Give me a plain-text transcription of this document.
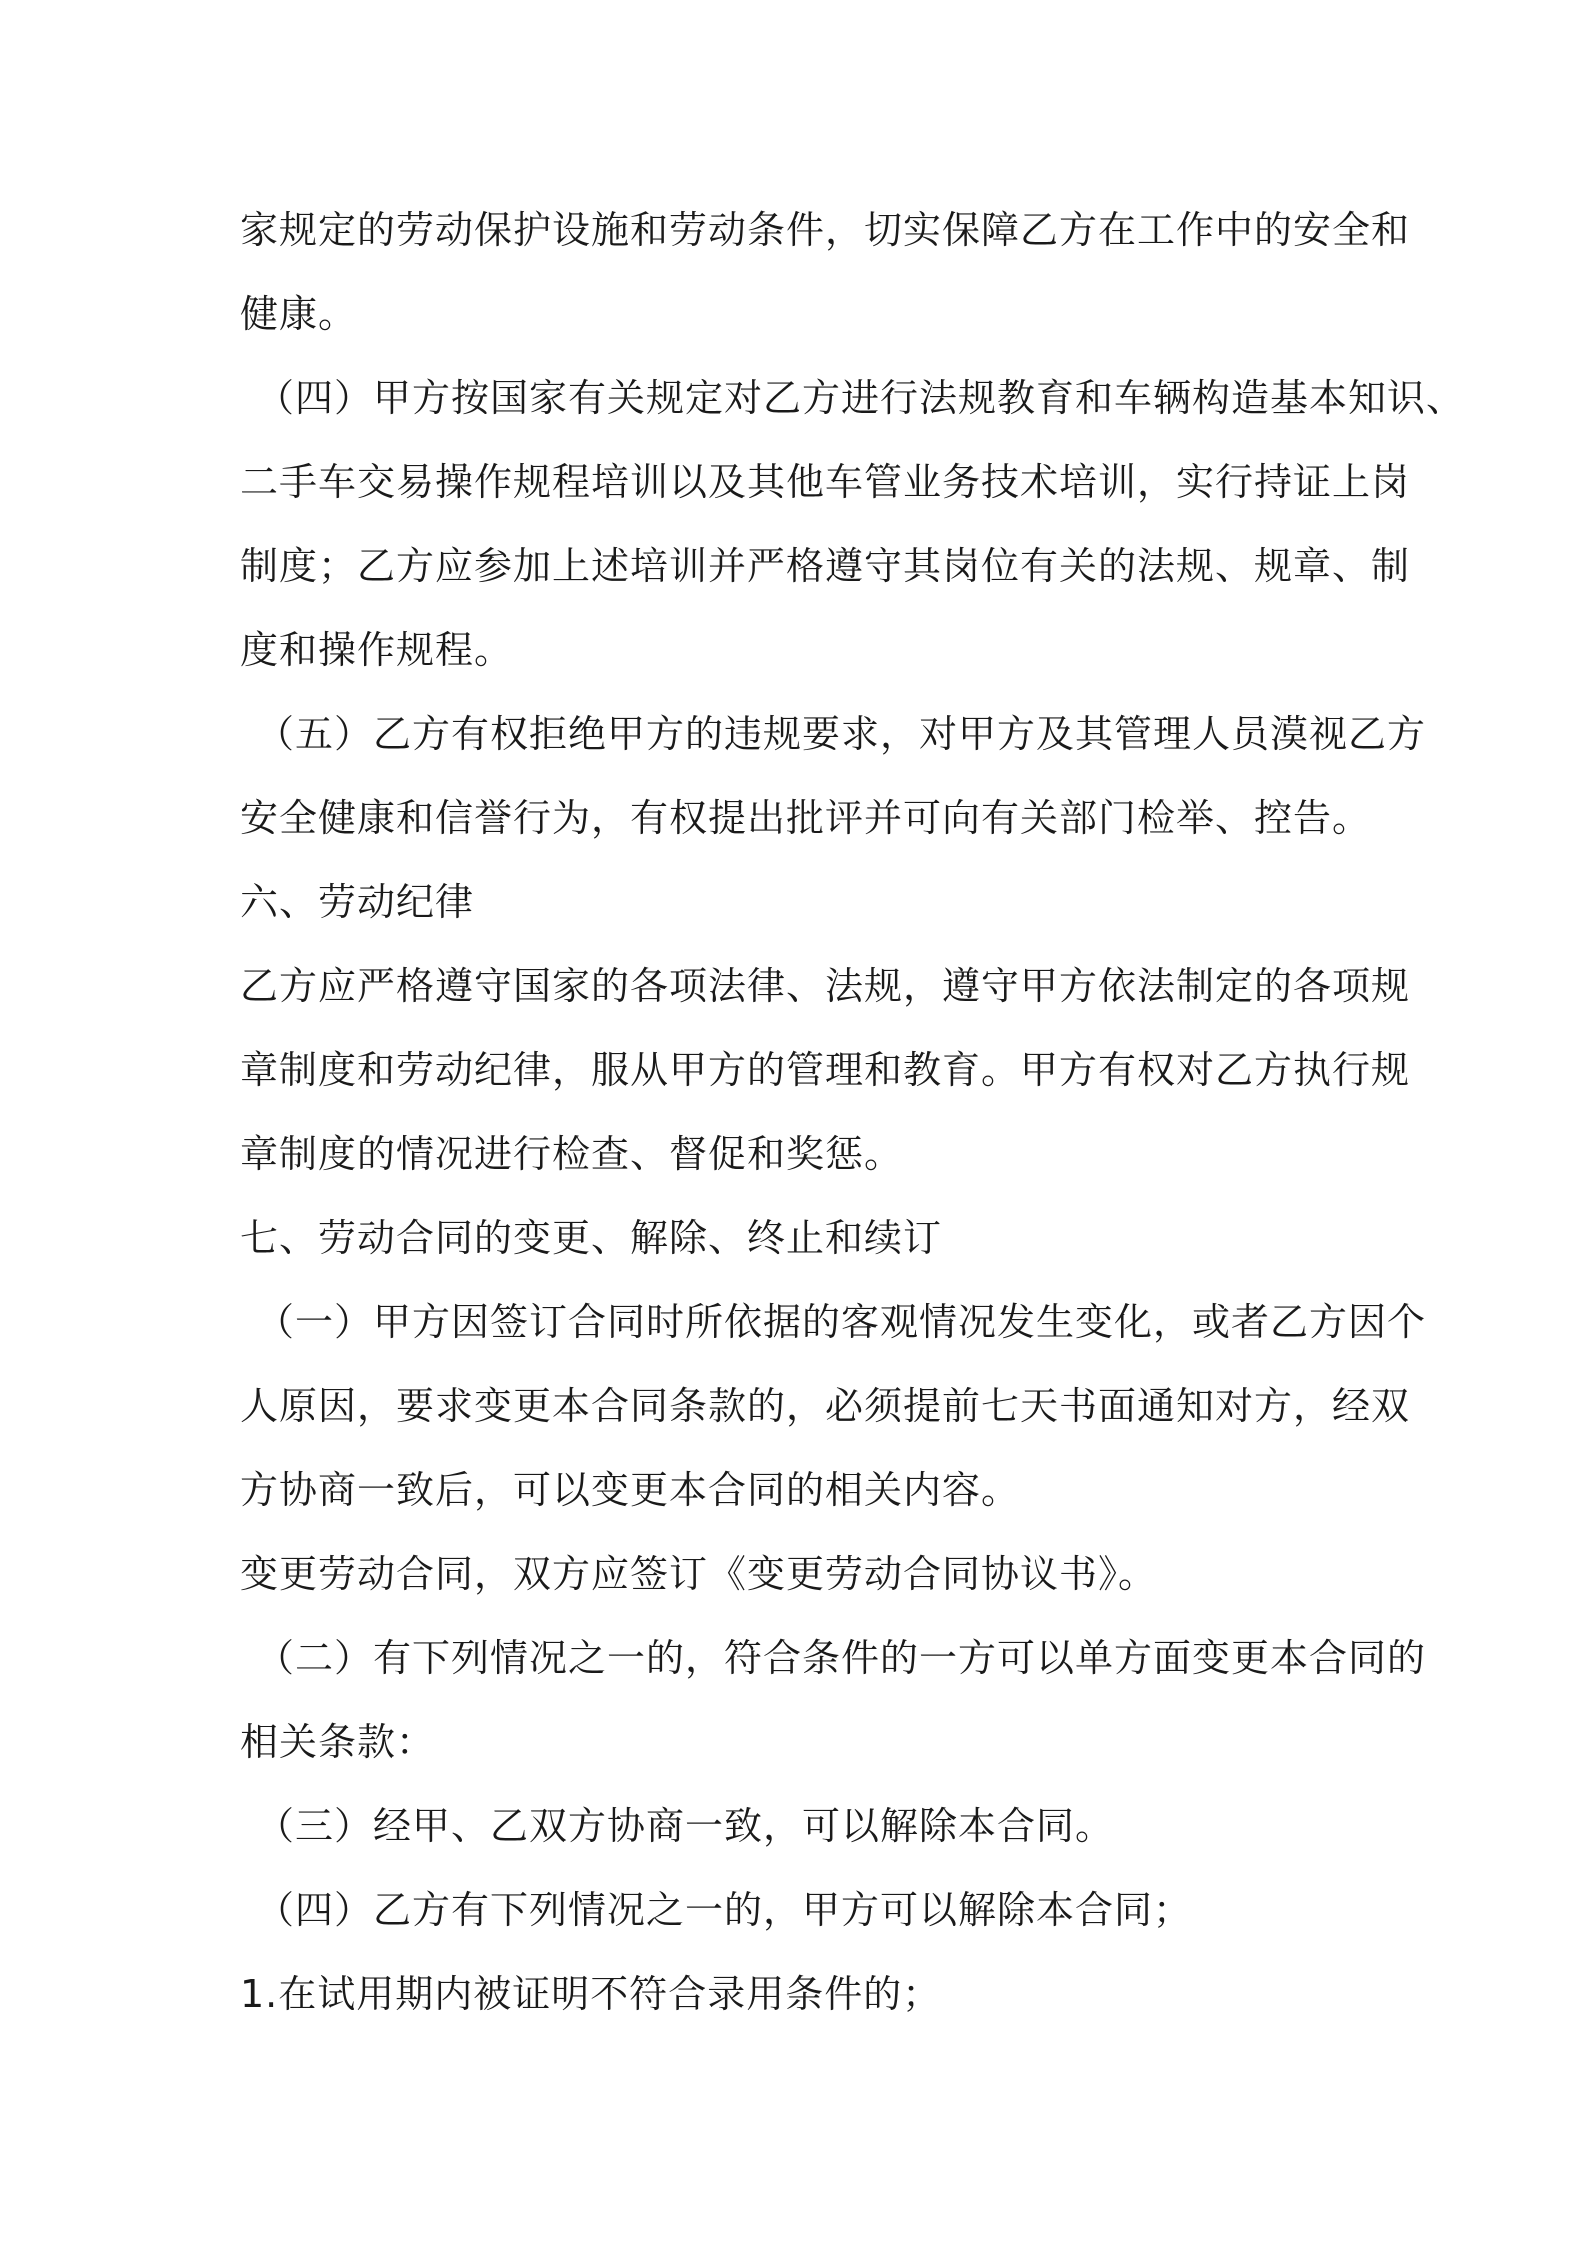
家规定的劳动保护设施和劳动条件，切实保障乙方在工作中的安全和
健康。
（四）甲方按国家有关规定对乙方进行法规教育和车辆构造基本知识、
二手车交易操作规程培训以及其他车管业务技术培训，实行持证上岗
制度；乙方应参加上述培训并严格遵守其岗位有关的法规、规章、制
度和操作规程。
（五）乙方有权拒绝甲方的违规要求，对甲方及其管理人员漠视乙方
安全健康和信誉行为，有权提出批评并可向有关部门检举、控告。
六、劳动纪律
乙方应严格遵守国家的各项法律、法规，遵守甲方依法制定的各项规
章制度和劳动纪律，服从甲方的管理和教育。甲方有权对乙方执行规
章制度的情况进行检查、督促和奖惩。
七、劳动合同的变更、解除、终止和续订
（一）甲方因签订合同时所依据的客观情况发生变化，或者乙方因个
人原因，要求变更本合同条款的，必须提前七天书面通知对方，经双
方协商一致后，可以变更本合同的相关内容。
变更劳动合同，双方应签订《变更劳动合同协议书》。
（二）有下列情况之一的，符合条件的一方可以单方面变更本合同的
相关条款：
（三）经甲、乙双方协商一致，可以解除本合同。
（四）乙方有下列情况之一的，甲方可以解除本合同；
1.在试用期内被证明不符合录用条件的；
